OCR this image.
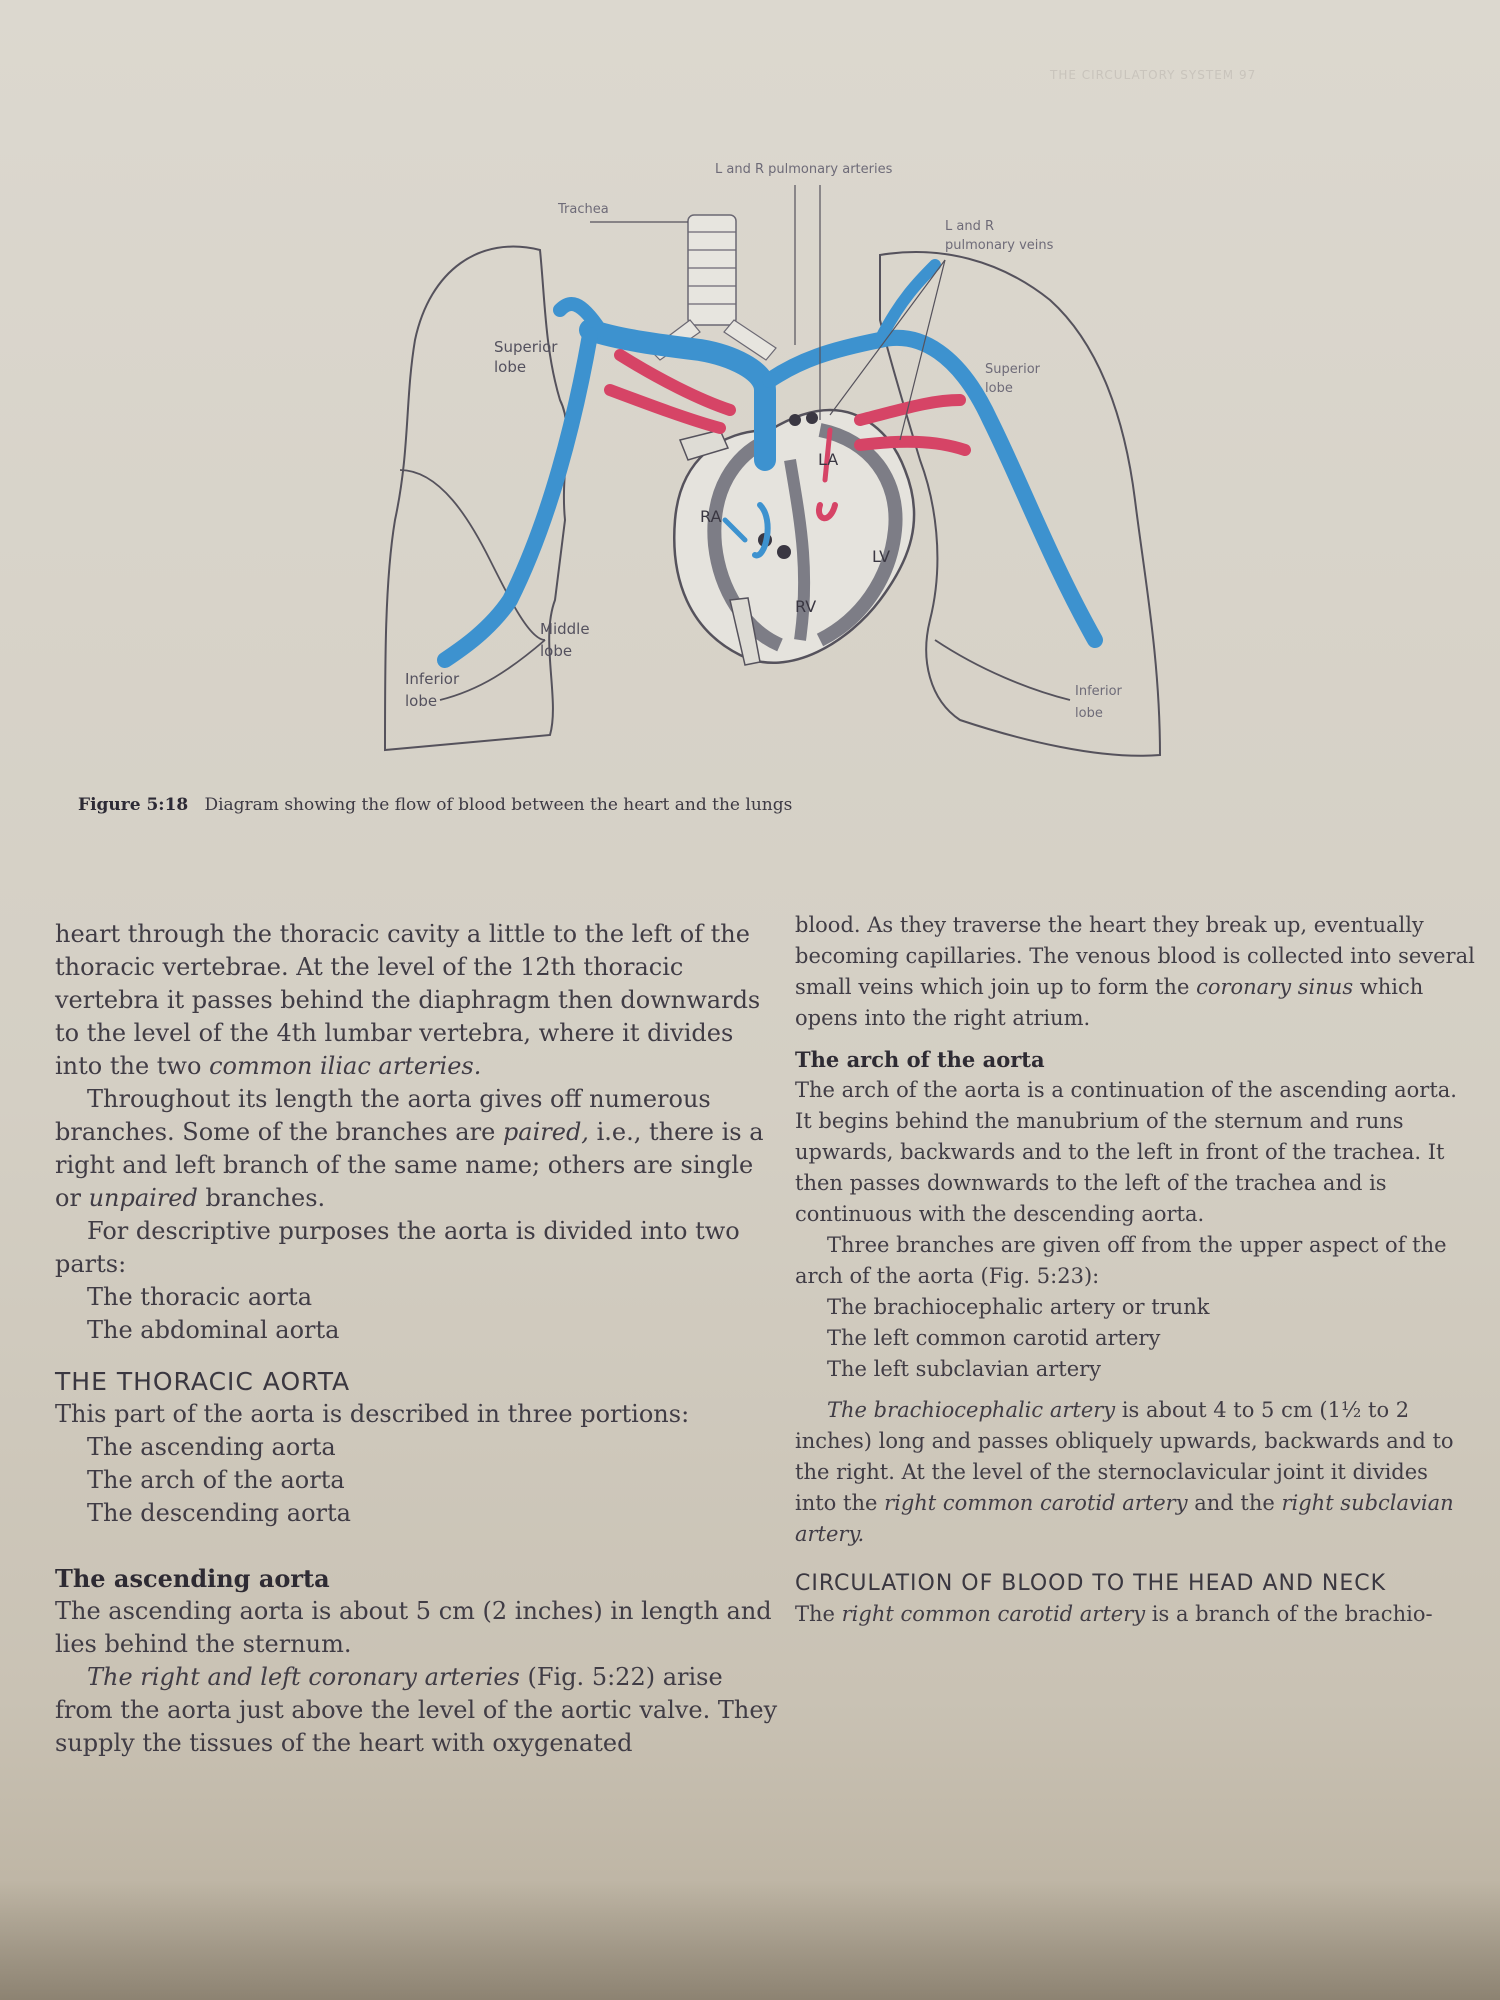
THE CIRCULATORY SYSTEM 97
L and R pulmonary arteries
Trachea
L and R
pulmonary veins
Superior
lobe	Superior
lobe
Middle
lobe
Inferior
lobe
Inferior
lobe
RA
LA
LV
RV
Figure 5:18 Diagram showing the flow of blood between the heart and the lungs

heart through the thoracic cavity a little to the left of the thoracic vertebrae. At the level of the 12th thoracic vertebra it passes behind the diaphragm then downwards to the level of the 4th lumbar vertebra, where it divides into the two common iliac arteries.

Throughout its length the aorta gives off numerous branches. Some of the branches are paired, i.e., there is a right and left branch of the same name; others are single or unpaired branches.

For descriptive purposes the aorta is divided into two parts:

The thoracic aorta

The abdominal aorta

THE THORACIC AORTA

This part of the aorta is described in three portions:

The ascending aorta

The arch of the aorta

The descending aorta

The ascending aorta

The ascending aorta is about 5 cm (2 inches) in length and lies behind the sternum.

The right and left coronary arteries (Fig. 5:22) arise from the aorta just above the level of the aortic valve. They supply the tissues of the heart with oxygenated

blood. As they traverse the heart they break up, eventually becoming capillaries. The venous blood is collected into several small veins which join up to form the coronary sinus which opens into the right atrium.

The arch of the aorta

The arch of the aorta is a continuation of the ascending aorta. It begins behind the manubrium of the sternum and runs upwards, backwards and to the left in front of the trachea. It then passes downwards to the left of the trachea and is continuous with the descending aorta.

Three branches are given off from the upper aspect of the arch of the aorta (Fig. 5:23):

The brachiocephalic artery or trunk

The left common carotid artery

The left subclavian artery

The brachiocephalic artery is about 4 to 5 cm (1½ to 2 inches) long and passes obliquely upwards, backwards and to the right. At the level of the sternoclavicular joint it divides into the right common carotid artery and the right subclavian artery.

CIRCULATION OF BLOOD TO THE HEAD AND NECK

The right common carotid artery is a branch of the brachio-
